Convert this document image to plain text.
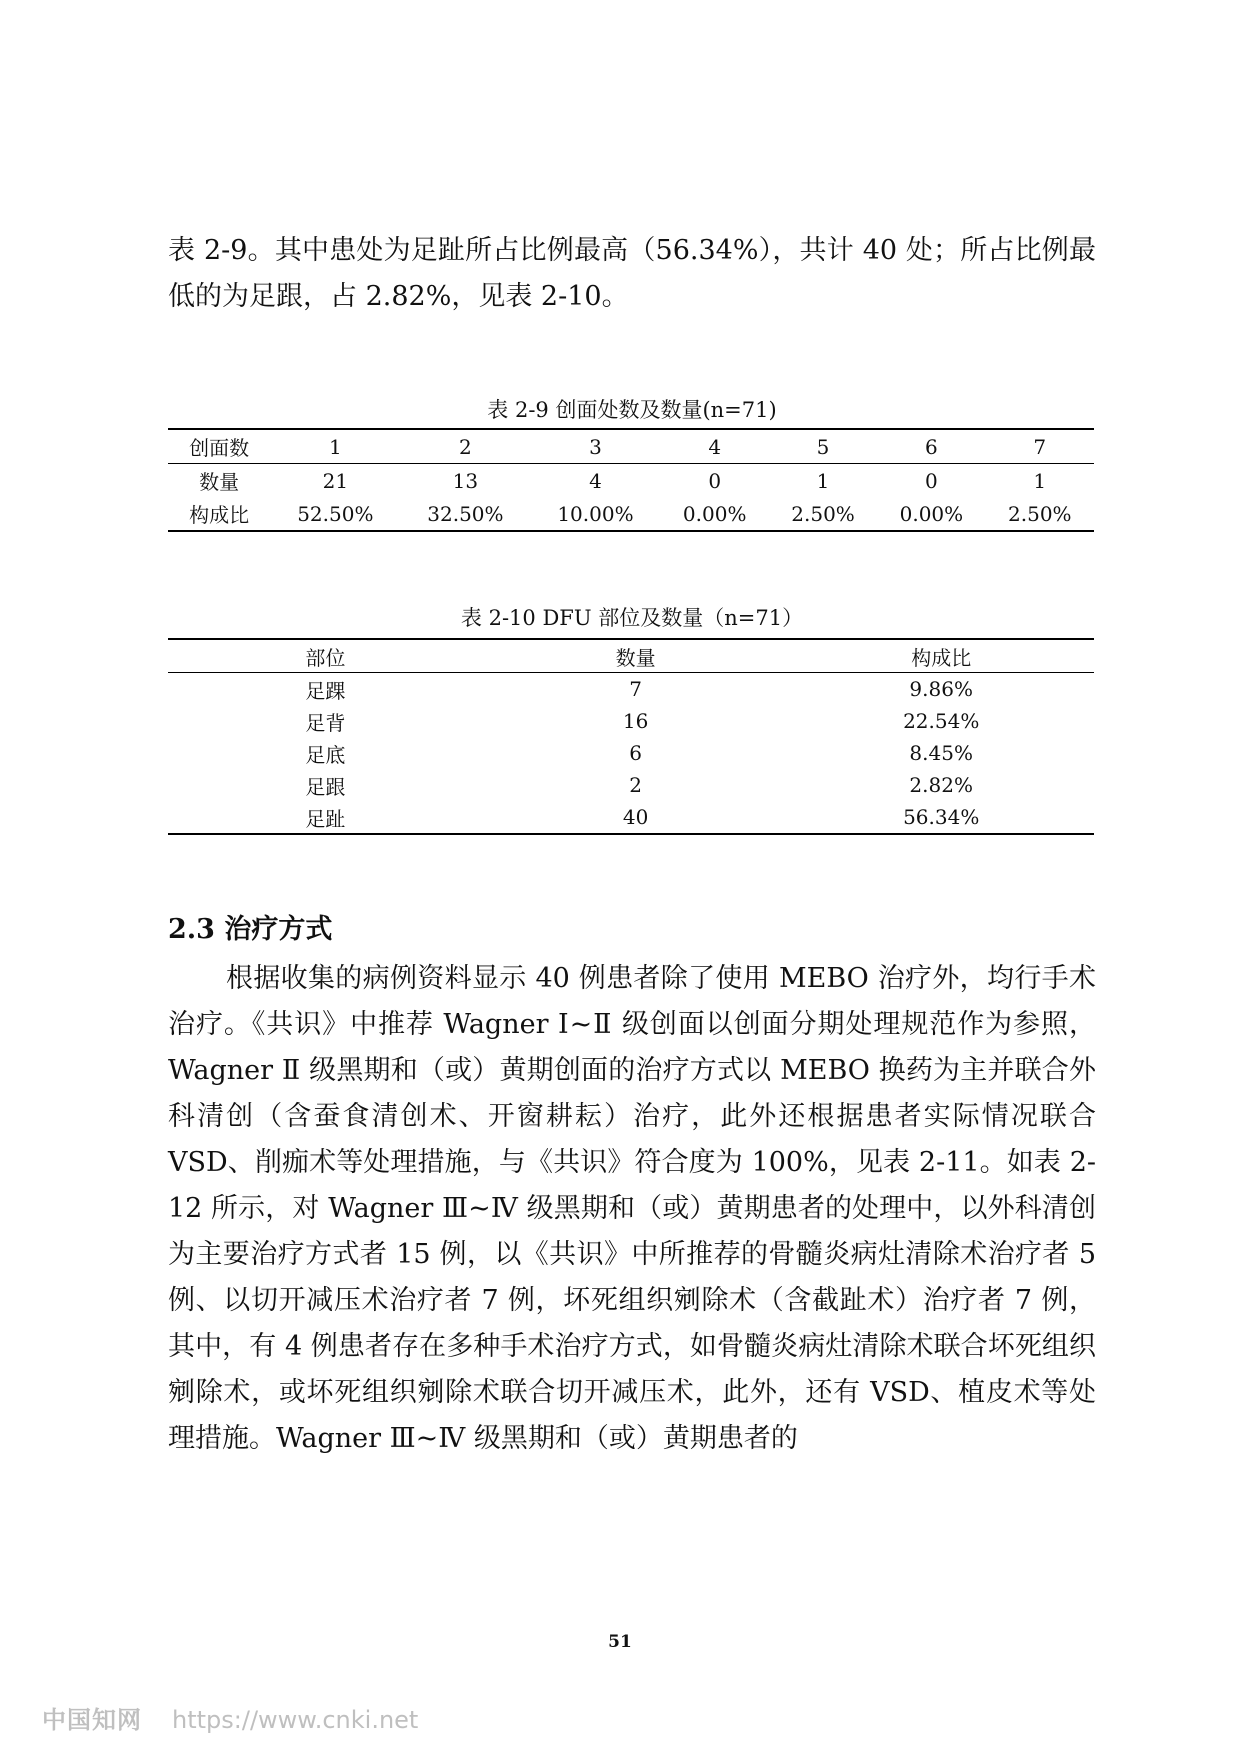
表 2-9。其中患处为足趾所占比例最高（56.34%），共计 40 处；所占比例最低的为足跟，占 2.82%，见表 2-10。

表 2-9 创面处数及数量(n=71)

创面数	1	2	3	4	5	6	7
数量	21	13	4	0	1	0	1
构成比	52.50%	32.50%	10.00%	0.00%	2.50%	0.00%	2.50%

表 2-10 DFU 部位及数量（n=71）

部位	数量	构成比
足踝	7	9.86%
足背	16	22.54%
足底	6	8.45%
足跟	2	2.82%
足趾	40	56.34%
2.3 治疗方式

根据收集的病例资料显示 40 例患者除了使用 MEBO 治疗外，均行手术治疗。《共识》中推荐 Wagner Ⅰ~Ⅱ 级创面以创面分期处理规范作为参照，Wagner Ⅱ 级黑期和（或）黄期创面的治疗方式以 MEBO 换药为主并联合外科清创（含蚕食清创术、开窗耕耘）治疗，此外还根据患者实际情况联合 VSD、削痂术等处理措施，与《共识》符合度为 100%，见表 2-11。如表 2-12 所示，对 Wagner Ⅲ~Ⅳ 级黑期和（或）黄期患者的处理中，以外科清创为主要治疗方式者 15 例，以《共识》中所推荐的骨髓炎病灶清除术治疗者 5 例、以切开减压术治疗者 7 例，坏死组织剜除术（含截趾术）治疗者 7 例，其中，有 4 例患者存在多种手术治疗方式，如骨髓炎病灶清除术联合坏死组织剜除术，或坏死组织剜除术联合切开减压术，此外，还有 VSD、植皮术等处理措施。Wagner Ⅲ~Ⅳ 级黑期和（或）黄期患者的

51
中国知网 https://www.cnki.net
